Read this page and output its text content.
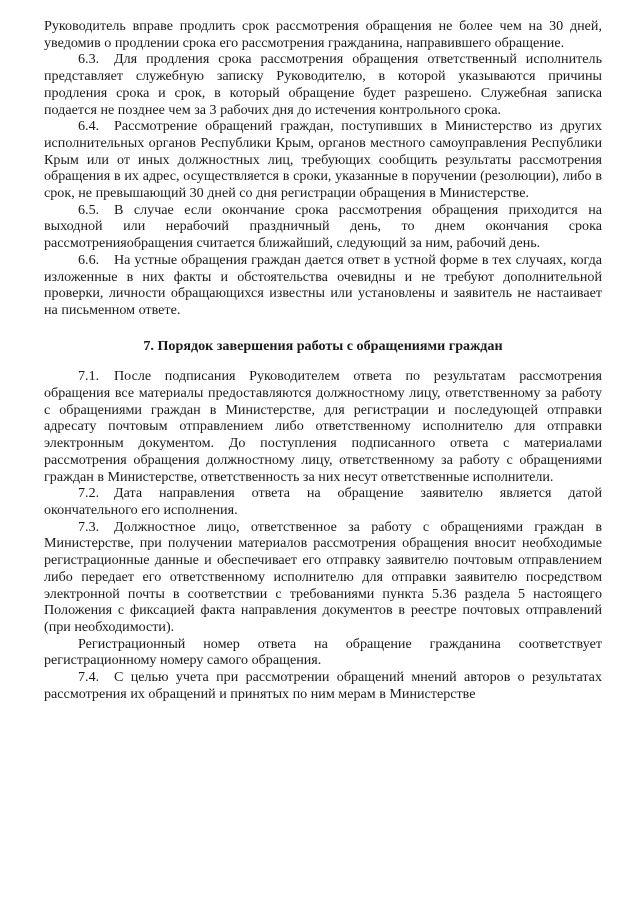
Руководитель вправе продлить срок рассмотрения обращения не более чем на 30 дней, уведомив о продлении срока его рассмотрения гражданина, направившего обращение.

6.3. Для продления срока рассмотрения обращения ответственный исполнитель представляет служебную записку Руководителю, в которой указываются причины продления срока и срок, в который обращение будет разрешено. Служебная записка подается не позднее чем за 3 рабочих дня до истечения контрольного срока.

6.4. Рассмотрение обращений граждан, поступивших в Министерство из других исполнительных органов Республики Крым, органов местного самоуправления Республики Крым или от иных должностных лиц, требующих сообщить результаты рассмотрения обращения в их адрес, осуществляется в сроки, указанные в поручении (резолюции), либо в срок, не превышающий 30 дней со дня регистрации обращения в Министерстве.

6.5. В случае если окончание срока рассмотрения обращения приходится на выходной или нерабочий праздничный день, то днем окончания срока рассмотренияобращения считается ближайший, следующий за ним, рабочий день.

6.6. На устные обращения граждан дается ответ в устной форме в тех случаях, когда изложенные в них факты и обстоятельства очевидны и не требуют дополнительной проверки, личности обращающихся известны или установлены и заявитель не настаивает на письменном ответе.

7. Порядок завершения работы с обращениями граждан

7.1. После подписания Руководителем ответа по результатам рассмотрения обращения все материалы предоставляются должностному лицу, ответственному за работу с обращениями граждан в Министерстве, для регистрации и последующей отправки адресату почтовым отправлением либо ответственному исполнителю для отправки электронным документом. До поступления подписанного ответа с материалами рассмотрения обращения должностному лицу, ответственному за работу с обращениями граждан в Министерстве, ответственность за них несут ответственные исполнители.

7.2. Дата направления ответа на обращение заявителю является датой окончательного его исполнения.

7.3. Должностное лицо, ответственное за работу с обращениями граждан в Министерстве, при получении материалов рассмотрения обращения вносит необходимые регистрационные данные и обеспечивает его отправку заявителю почтовым отправлением либо передает его ответственному исполнителю для отправки заявителю посредством электронной почты в соответствии с требованиями пункта 5.36 раздела 5 настоящего Положения с фиксацией факта направления документов в реестре почтовых отправлений (при необходимости).

Регистрационный номер ответа на обращение гражданина соответствует регистрационному номеру самого обращения.

7.4. С целью учета при рассмотрении обращений мнений авторов о результатах рассмотрения их обращений и принятых по ним мерам в Министерстве
